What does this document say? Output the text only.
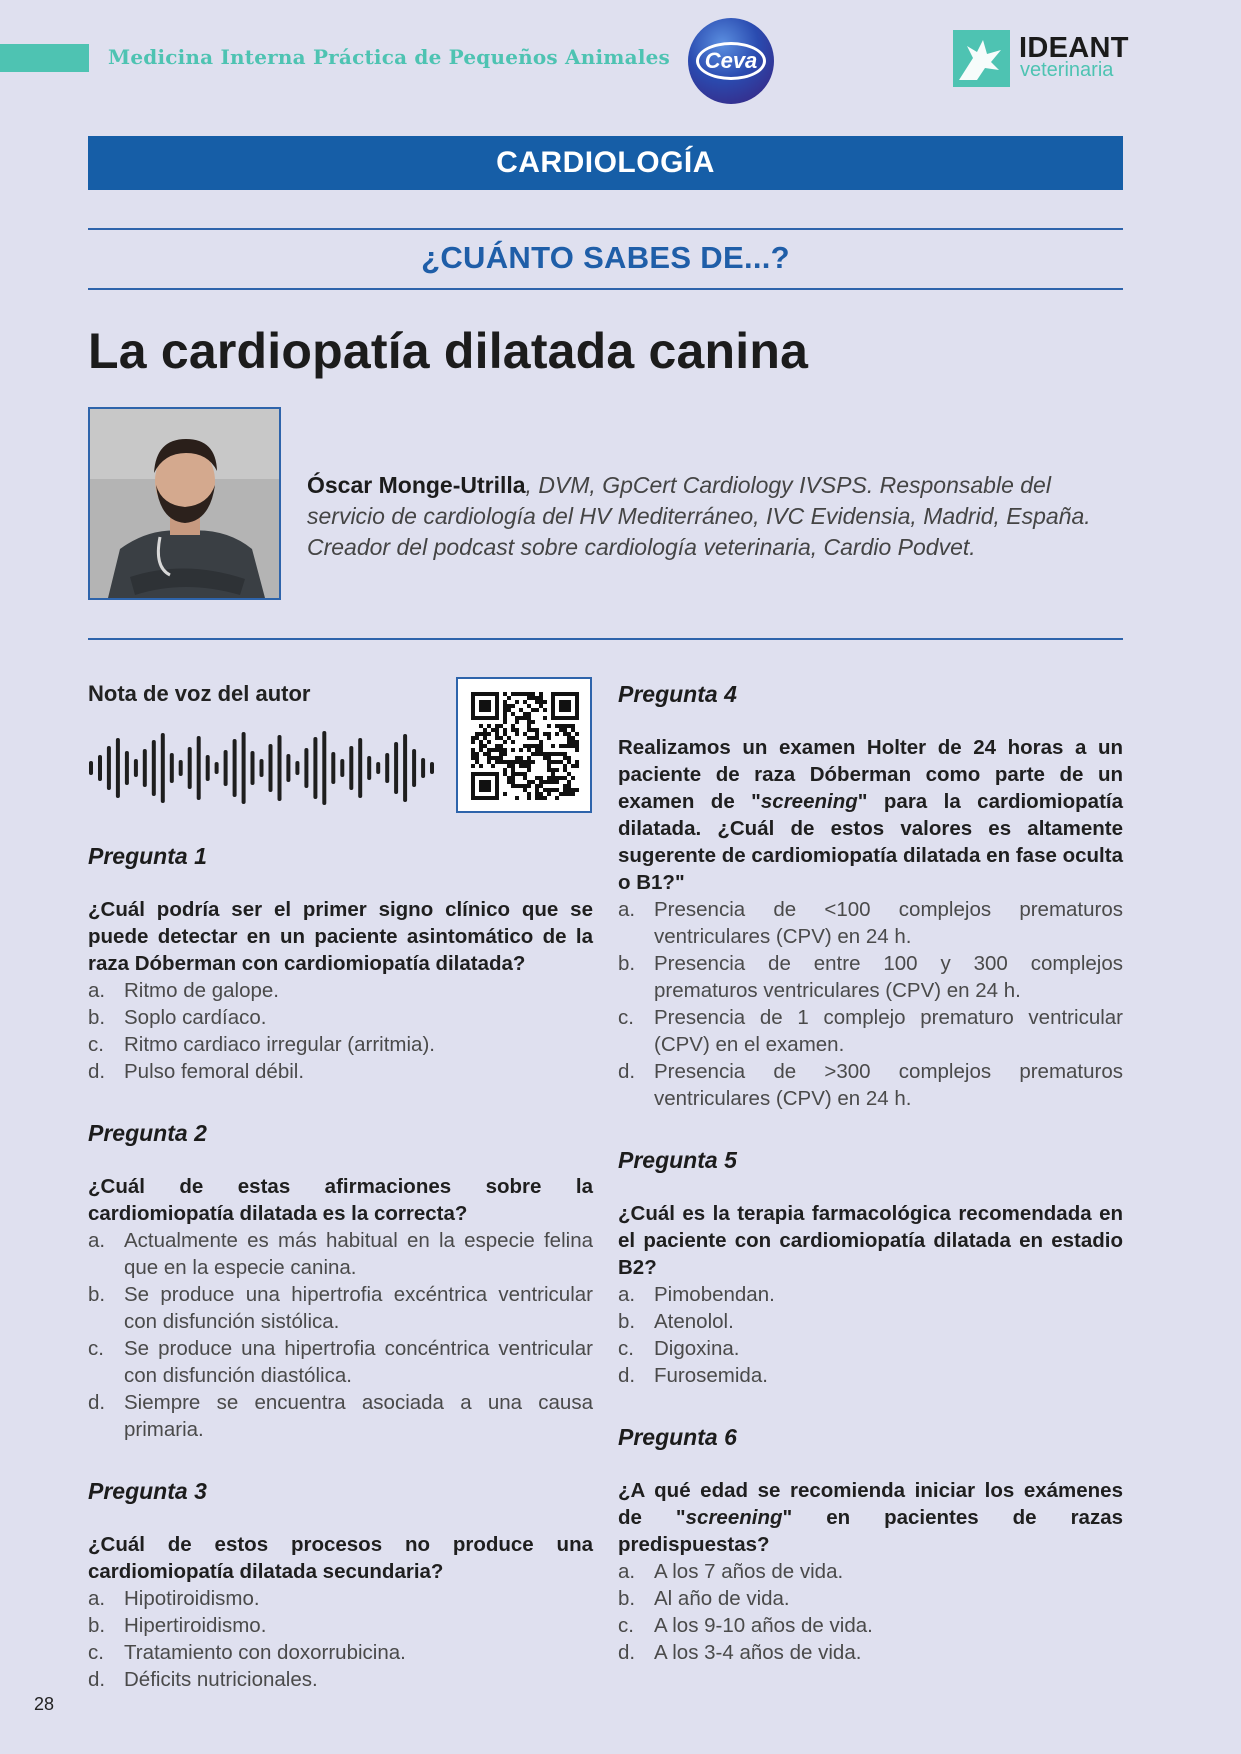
Medicina Interna Práctica de Pequeños Animales	Ceva	IDEANT
veterinaria
CARDIOLOGÍA
¿CUÁNTO SABES DE...?
La cardiopatía dilatada canina
Óscar Monge-Utrilla, DVM, GpCert Cardiology IVSPS. Responsable del servicio de cardiología del HV Mediterráneo, IVC Evidensia, Madrid, España. Creador del podcast sobre cardiología veterinaria, Cardio Podvet.
Nota de voz del autor
Pregunta 1

¿Cuál podría ser el primer signo clínico que se puede detectar en un paciente asintomático de la raza Dóberman con cardiomiopatía dilatada?

a. Ritmo de galope.
b. Soplo cardíaco.
c. Ritmo cardiaco irregular (arritmia).
d. Pulso femoral débil.
Pregunta 2

¿Cuál de estas afirmaciones sobre la cardiomiopatía dilatada es la correcta?

a. Actualmente es más habitual en la especie felina que en la especie canina.
b. Se produce una hipertrofia excéntrica ventricular con disfunción sistólica.
c. Se produce una hipertrofia concéntrica ventricular con disfunción diastólica.
d. Siempre se encuentra asociada a una causa primaria.
Pregunta 3

¿Cuál de estos procesos no produce una cardiomiopatía dilatada secundaria?

a. Hipotiroidismo.
b. Hipertiroidismo.
c. Tratamiento con doxorrubicina.
d. Déficits nutricionales.
Pregunta 4

Realizamos un examen Holter de 24 horas a un paciente de raza Dóberman como parte de un examen de "screening" para la cardiomiopatía dilatada. ¿Cuál de estos valores es altamente sugerente de cardiomiopatía dilatada en fase oculta o B1?"

a. Presencia de <100 complejos prematuros ventriculares (CPV) en 24 h.
b. Presencia de entre 100 y 300 complejos prematuros ventriculares (CPV) en 24 h.
c. Presencia de 1 complejo prematuro ventricular (CPV) en el examen.
d. Presencia de >300 complejos prematuros ventriculares (CPV) en 24 h.
Pregunta 5

¿Cuál es la terapia farmacológica recomendada en el paciente con cardiomiopatía dilatada en estadio B2?

a. Pimobendan.
b. Atenolol.
c. Digoxina.
d. Furosemida.
Pregunta 6

¿A qué edad se recomienda iniciar los exámenes de "screening" en pacientes de razas predispuestas?

a. A los 7 años de vida.
b. Al año de vida.
c. A los 9-10 años de vida.
d. A los 3-4 años de vida.
28
